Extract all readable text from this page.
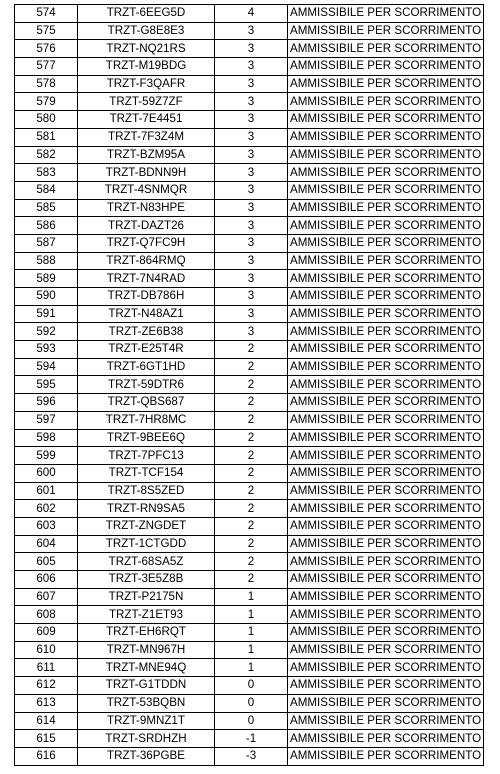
574	TRZT-6EEG5D	4	AMMISSIBILE PER SCORRIMENTO
575	TRZT-G8E8E3	3	AMMISSIBILE PER SCORRIMENTO
576	TRZT-NQ21RS	3	AMMISSIBILE PER SCORRIMENTO
577	TRZT-M19BDG	3	AMMISSIBILE PER SCORRIMENTO
578	TRZT-F3QAFR	3	AMMISSIBILE PER SCORRIMENTO
579	TRZT-59Z7ZF	3	AMMISSIBILE PER SCORRIMENTO
580	TRZT-7E4451	3	AMMISSIBILE PER SCORRIMENTO
581	TRZT-7F3Z4M	3	AMMISSIBILE PER SCORRIMENTO
582	TRZT-BZM95A	3	AMMISSIBILE PER SCORRIMENTO
583	TRZT-BDNN9H	3	AMMISSIBILE PER SCORRIMENTO
584	TRZT-4SNMQR	3	AMMISSIBILE PER SCORRIMENTO
585	TRZT-N83HPE	3	AMMISSIBILE PER SCORRIMENTO
586	TRZT-DAZT26	3	AMMISSIBILE PER SCORRIMENTO
587	TRZT-Q7FC9H	3	AMMISSIBILE PER SCORRIMENTO
588	TRZT-864RMQ	3	AMMISSIBILE PER SCORRIMENTO
589	TRZT-7N4RAD	3	AMMISSIBILE PER SCORRIMENTO
590	TRZT-DB786H	3	AMMISSIBILE PER SCORRIMENTO
591	TRZT-N48AZ1	3	AMMISSIBILE PER SCORRIMENTO
592	TRZT-ZE6B38	3	AMMISSIBILE PER SCORRIMENTO
593	TRZT-E25T4R	2	AMMISSIBILE PER SCORRIMENTO
594	TRZT-6GT1HD	2	AMMISSIBILE PER SCORRIMENTO
595	TRZT-59DTR6	2	AMMISSIBILE PER SCORRIMENTO
596	TRZT-QBS687	2	AMMISSIBILE PER SCORRIMENTO
597	TRZT-7HR8MC	2	AMMISSIBILE PER SCORRIMENTO
598	TRZT-9BEE6Q	2	AMMISSIBILE PER SCORRIMENTO
599	TRZT-7PFC13	2	AMMISSIBILE PER SCORRIMENTO
600	TRZT-TCF154	2	AMMISSIBILE PER SCORRIMENTO
601	TRZT-8S5ZED	2	AMMISSIBILE PER SCORRIMENTO
602	TRZT-RN9SA5	2	AMMISSIBILE PER SCORRIMENTO
603	TRZT-ZNGDET	2	AMMISSIBILE PER SCORRIMENTO
604	TRZT-1CTGDD	2	AMMISSIBILE PER SCORRIMENTO
605	TRZT-68SA5Z	2	AMMISSIBILE PER SCORRIMENTO
606	TRZT-3E5Z8B	2	AMMISSIBILE PER SCORRIMENTO
607	TRZT-P2175N	1	AMMISSIBILE PER SCORRIMENTO
608	TRZT-Z1ET93	1	AMMISSIBILE PER SCORRIMENTO
609	TRZT-EH6RQT	1	AMMISSIBILE PER SCORRIMENTO
610	TRZT-MN967H	1	AMMISSIBILE PER SCORRIMENTO
611	TRZT-MNE94Q	1	AMMISSIBILE PER SCORRIMENTO
612	TRZT-G1TDDN	0	AMMISSIBILE PER SCORRIMENTO
613	TRZT-53BQBN	0	AMMISSIBILE PER SCORRIMENTO
614	TRZT-9MNZ1T	0	AMMISSIBILE PER SCORRIMENTO
615	TRZT-SRDHZH	-1	AMMISSIBILE PER SCORRIMENTO
616	TRZT-36PGBE	-3	AMMISSIBILE PER SCORRIMENTO
